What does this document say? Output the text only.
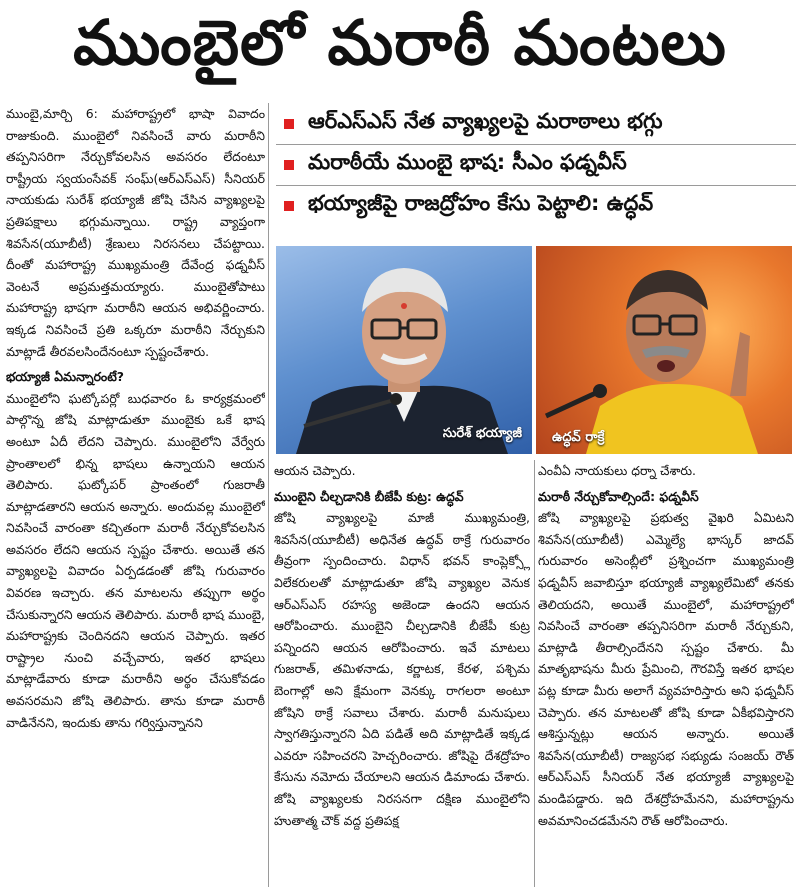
ముంబైలో మరాఠీ మంటలు

ముంబై,మార్చి 6: మహారాష్ట్రలో భాషా వివాదం రాజుకుంది. ముంబైలో నివసించే వారు మరాఠీని తప్పనిసరిగా నేర్చుకోవలసిన అవసరం లేదంటూ రాష్ట్రీయ స్వయంసేవక్ సంఘ్(ఆర్ఎస్ఎస్) సీనియర్ నాయకుడు సురేశ్ భయ్యాజీ జోషి చేసిన వ్యాఖ్యలపై ప్రతిపక్షాలు భగ్గుమన్నాయి. రాష్ట్ర వ్యాప్తంగా శివసేన(యూబీటీ) శ్రేణులు నిరసనలు చేపట్టాయి. దీంతో మహారాష్ట్ర ముఖ్యమంత్రి దేవేంద్ర ఫడ్నవీస్ వెంటనే అప్రమత్తమయ్యారు. ముంబైతోపాటు మహారాష్ట్ర భాషగా మరాఠీని ఆయన అభివర్ణించారు. ఇక్కడ నివసించే ప్రతి ఒక్కరూ మరాఠీని నేర్చుకుని మాట్లాడే తీరవలసిందేనంటూ స్పష్టంచేశారు.

భయ్యాజీ ఏమన్నారంటే?

ముంబైలోని ఘట్కోపర్లో బుధవారం ఓ కార్యక్రమంలో పాల్గొన్న జోషి మాట్లాడుతూ ముంబైకు ఒకే భాష అంటూ ఏదీ లేదని చెప్పారు. ముంబైలోని వేర్వేరు ప్రాంతాలలో భిన్న భాషలు ఉన్నాయని ఆయన తెలిపారు. ఘట్కోపర్ ప్రాంతంలో గుజరాతీ మాట్లాడతారని ఆయన అన్నారు. అందువల్ల ముంబైలో నివసించే వారంతా కచ్చితంగా మరాఠీ నేర్చుకోవలసిన అవసరం లేదని ఆయన స్పష్టం చేశారు. అయితే తన వ్యాఖ్యలపై వివాదం ఏర్పడడంతో జోషి గురువారం వివరణ ఇచ్చారు. తన మాటలను తప్పుగా అర్థం చేసుకున్నారని ఆయన తెలిపారు. మరాఠీ భాష ముంబై, మహారాష్ట్రకు చెందినదని ఆయన చెప్పారు. ఇతర రాష్ట్రాల నుంచి వచ్చేవారు, ఇతర భాషలు మాట్లాడేవారు కూడా మరాఠీని అర్థం చేసుకోవడం అవసరమని జోషి తెలిపారు. తాను కూడా మరాఠీ వాడినేనని, ఇందుకు తాను గర్విస్తున్నానని

ఆర్ఎస్ఎస్ నేత వ్యాఖ్యలపై మరాఠాలు భగ్గు
మరాఠీయే ముంబై భాష: సీఎం ఫడ్నవీస్
భయ్యాజీపై రాజద్రోహం కేసు పెట్టాలి: ఉద్ధవ్
సురేశ్ భయ్యాజీ ఉద్ధవ్ రాక్రే

ఆయన చెప్పారు.

ముంబైని చీల్చడానికి బీజేపీ కుట్ర: ఉద్ధవ్

జోషి వ్యాఖ్యలపై మాజీ ముఖ్యమంత్రి, శివసేన(యూబీటీ) అధినేత ఉద్ధవ్ ఠాక్రే గురువారం తీవ్రంగా స్పందించారు. విధాన్ భవన్ కాంప్లెక్స్లో విలేకరులతో మాట్లాడుతూ జోషి వ్యాఖ్యల వెనుక ఆర్ఎస్ఎస్ రహస్య అజెండా ఉందని ఆయన ఆరోపించారు. ముంబైని చీల్చడానికి బీజేపీ కుట్ర పన్నిందని ఆయన ఆరోపించారు. ఇవే మాటలు గుజరాత్, తమిళనాడు, కర్ణాటక, కేరళ, పశ్చిమ బెంగాల్లో అని క్షేమంగా వెనక్కు రాగలరా అంటూ జోషిని ఠాక్రే సవాలు చేశారు. మరాఠీ మనుషులు స్వాగతిస్తున్నారని ఏది పడితే అది మాట్లాడితే ఇక్కడ ఎవరూ సహించరని హెచ్చరించారు. జోషిపై దేశద్రోహం కేసును నమోదు చేయాలని ఆయన డిమాండు చేశారు. జోషి వ్యాఖ్యలకు నిరసనగా దక్షిణ ముంబైలోని హుతాత్మ చౌక్ వద్ద ప్రతిపక్ష

ఎంవీఏ నాయకులు ధర్నా చేశారు.

మరాఠీ నేర్చుకోవాల్సిందే: ఫడ్నవీస్

జోషి వ్యాఖ్యలపై ప్రభుత్వ వైఖరి ఏమిటని శివసేన(యూబీటీ) ఎమ్మెల్యే భాస్కర్ జాదవ్ గురువారం అసెంబ్లీలో ప్రశ్నించగా ముఖ్యమంత్రి ఫడ్నవీస్ జవాబిస్తూ భయ్యాజీ వ్యాఖ్యలేమిటో తనకు తెలియదని, అయితే ముంబైలో, మహారాష్ట్రలో నివసించే వారంతా తప్పనిసరిగా మరాఠీ నేర్చుకుని, మాట్లాడి తీరాల్సిందేనని స్పష్టం చేశారు. మీ మాతృభాషను మీరు ప్రేమించి, గౌరవిస్తే ఇతర భాషల పట్ల కూడా మీరు అలాగే వ్యవహరిస్తారు అని ఫడ్నవీస్ చెప్పారు. తన మాటలతో జోషి కూడా ఏకీభవిస్తారని ఆశిస్తున్నట్లు ఆయన అన్నారు. అయితే శివసేన(యూబీటీ) రాజ్యసభ సభ్యుడు సంజయ్ రౌత్ ఆర్ఎస్ఎస్ సీనియర్ నేత భయ్యాజీ వ్యాఖ్యలపై మండిపడ్డారు. ఇది దేశద్రోహమేనని, మహారాష్ట్రను అవమానించడమేనని రౌత్ ఆరోపించారు.
